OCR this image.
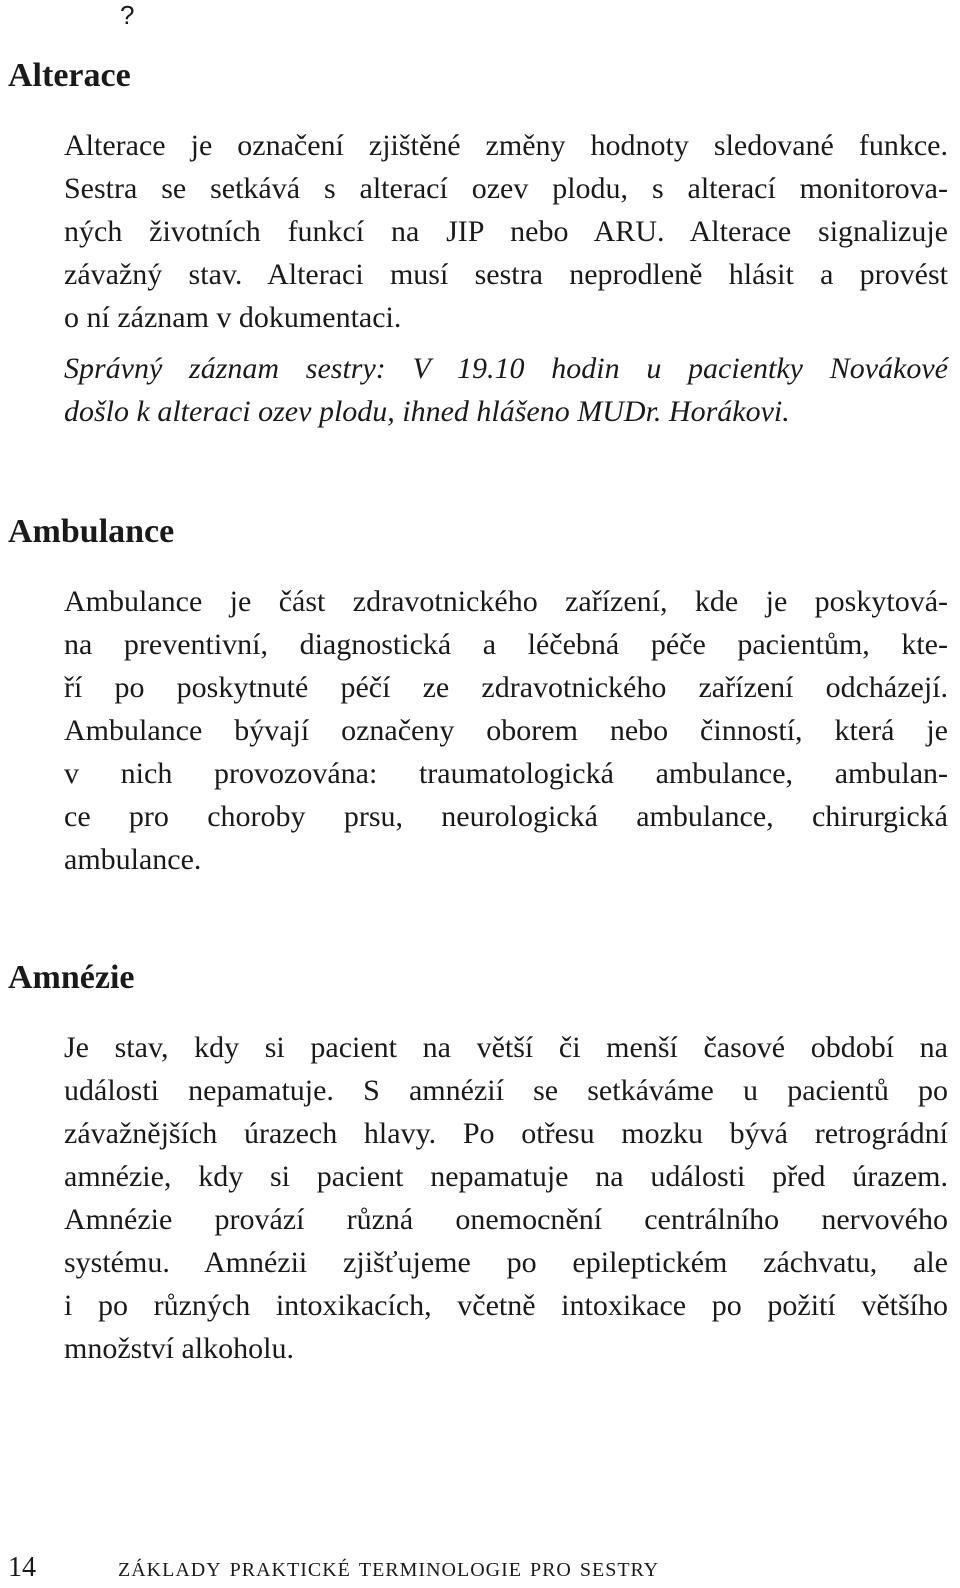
?
Alterace
Alterace je označení zjištěné změny hodnoty sledované funkce.
Sestra se setkává s alterací ozev plodu, s alterací monitorova-
ných životních funkcí na JIP nebo ARU. Alterace signalizuje
závažný stav. Alteraci musí sestra neprodleně hlásit a provést
o ní záznam v dokumentaci.
Správný záznam sestry: V 19.10 hodin u pacientky Novákové
došlo k alteraci ozev plodu, ihned hlášeno MUDr. Horákovi.
Ambulance
Ambulance je část zdravotnického zařízení, kde je poskytová-
na preventivní, diagnostická a léčebná péče pacientům, kte-
ří po poskytnuté péčí ze zdravotnického zařízení odcházejí.
Ambulance bývají označeny oborem nebo činností, která je
v nich provozována: traumatologická ambulance, ambulan-
ce pro choroby prsu, neurologická ambulance, chirurgická
ambulance.
Amnézie
Je stav, kdy si pacient na větší či menší časové období na
události nepamatuje. S amnézií se setkáváme u pacientů po
závažnějších úrazech hlavy. Po otřesu mozku bývá retrográdní
amnézie, kdy si pacient nepamatuje na události před úrazem.
Amnézie provází různá onemocnění centrálního nervového
systému. Amnézii zjišťujeme po epileptickém záchvatu, ale
i po různých intoxikacích, včetně intoxikace po požití většího
množství alkoholu.
14	základy praktické terminologie pro sestry
